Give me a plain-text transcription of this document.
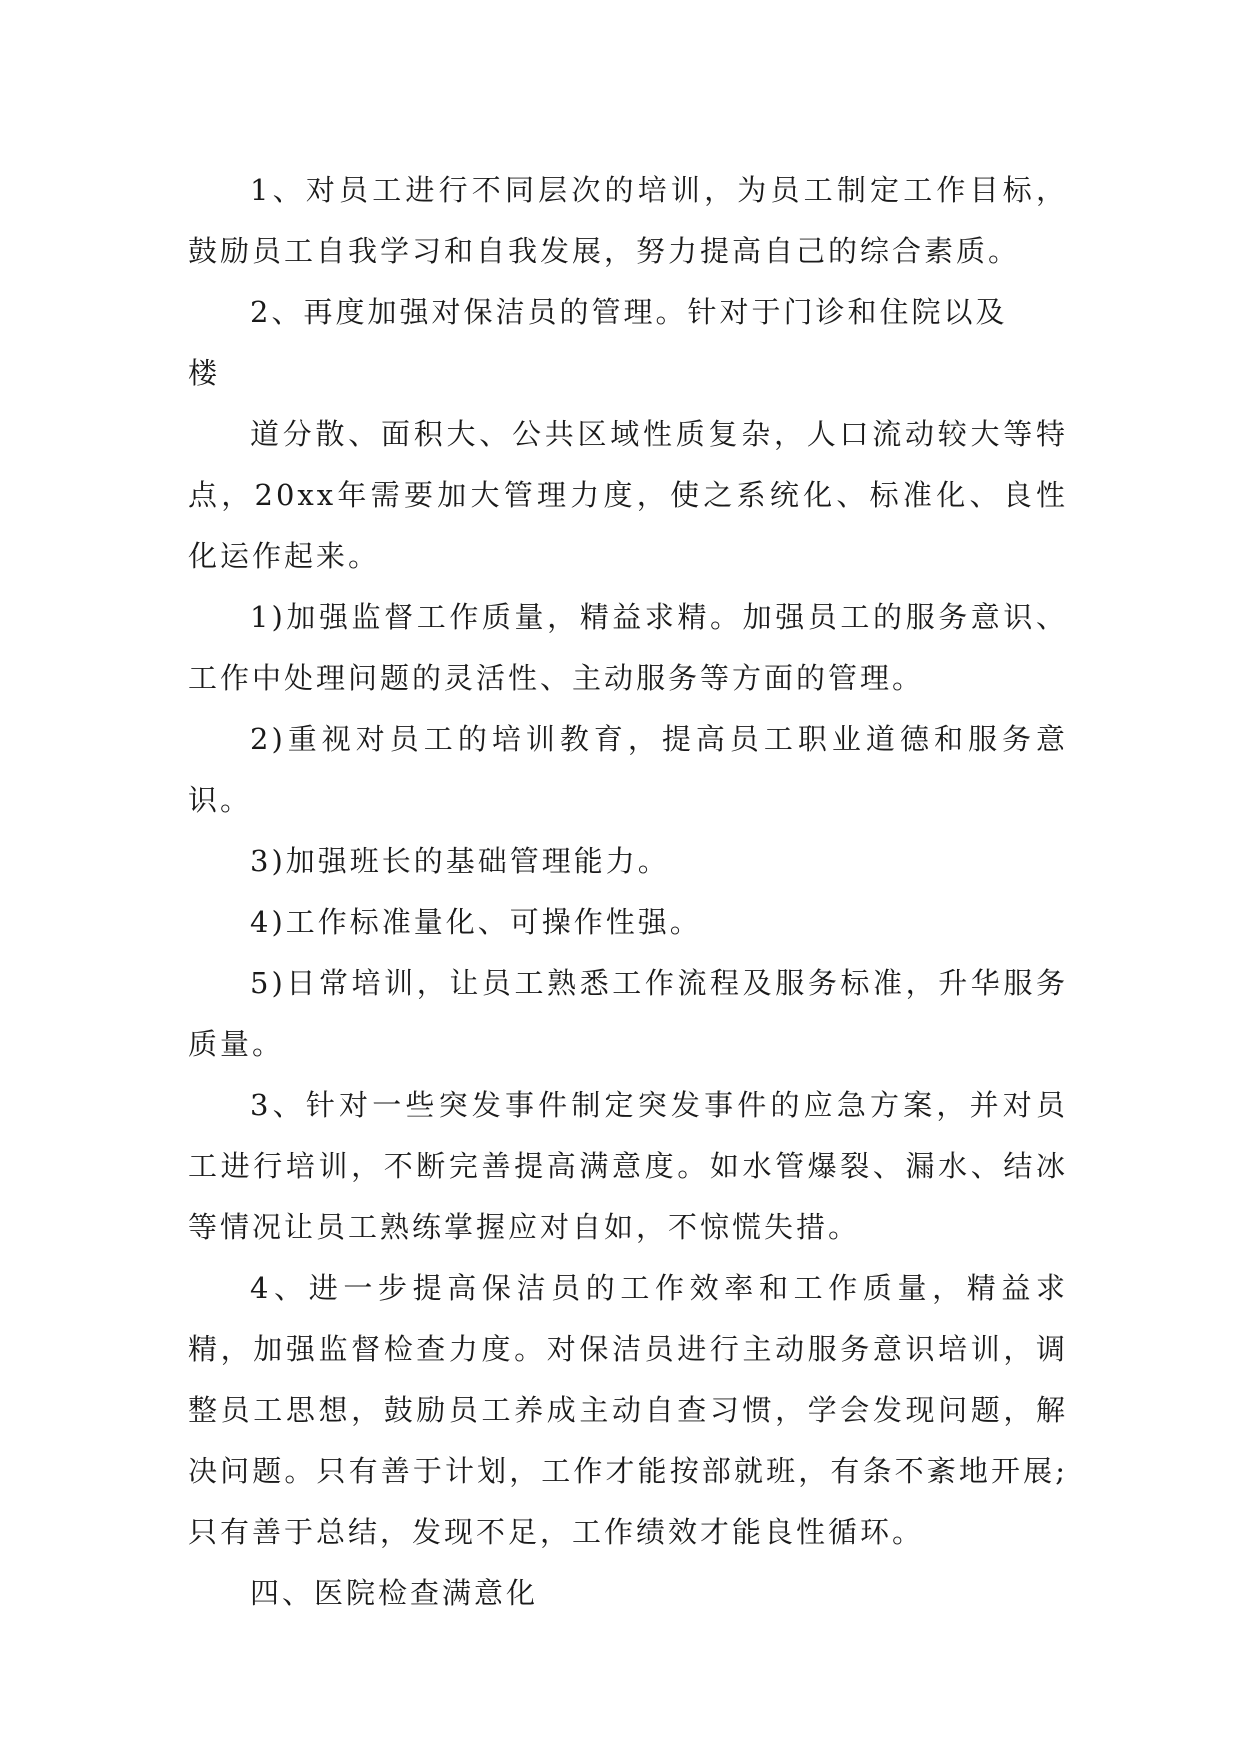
1、对员工进行不同层次的培训，为员工制定工作目标，鼓励员工自我学习和自我发展，努力提高自己的综合素质。

2、再度加强对保洁员的管理。针对于门诊和住院以及

楼

道分散、面积大、公共区域性质复杂，人口流动较大等特点，20xx年需要加大管理力度，使之系统化、标准化、良性化运作起来。

1)加强监督工作质量，精益求精。加强员工的服务意识、工作中处理问题的灵活性、主动服务等方面的管理。

2)重视对员工的培训教育，提高员工职业道德和服务意识。

3)加强班长的基础管理能力。

4)工作标准量化、可操作性强。

5)日常培训，让员工熟悉工作流程及服务标准，升华服务质量。

3、针对一些突发事件制定突发事件的应急方案，并对员工进行培训，不断完善提高满意度。如水管爆裂、漏水、结冰等情况让员工熟练掌握应对自如，不惊慌失措。

4、进一步提高保洁员的工作效率和工作质量，精益求精，加强监督检查力度。对保洁员进行主动服务意识培训，调整员工思想，鼓励员工养成主动自查习惯，学会发现问题，解决问题。只有善于计划，工作才能按部就班，有条不紊地开展;只有善于总结，发现不足，工作绩效才能良性循环。

四、医院检查满意化
